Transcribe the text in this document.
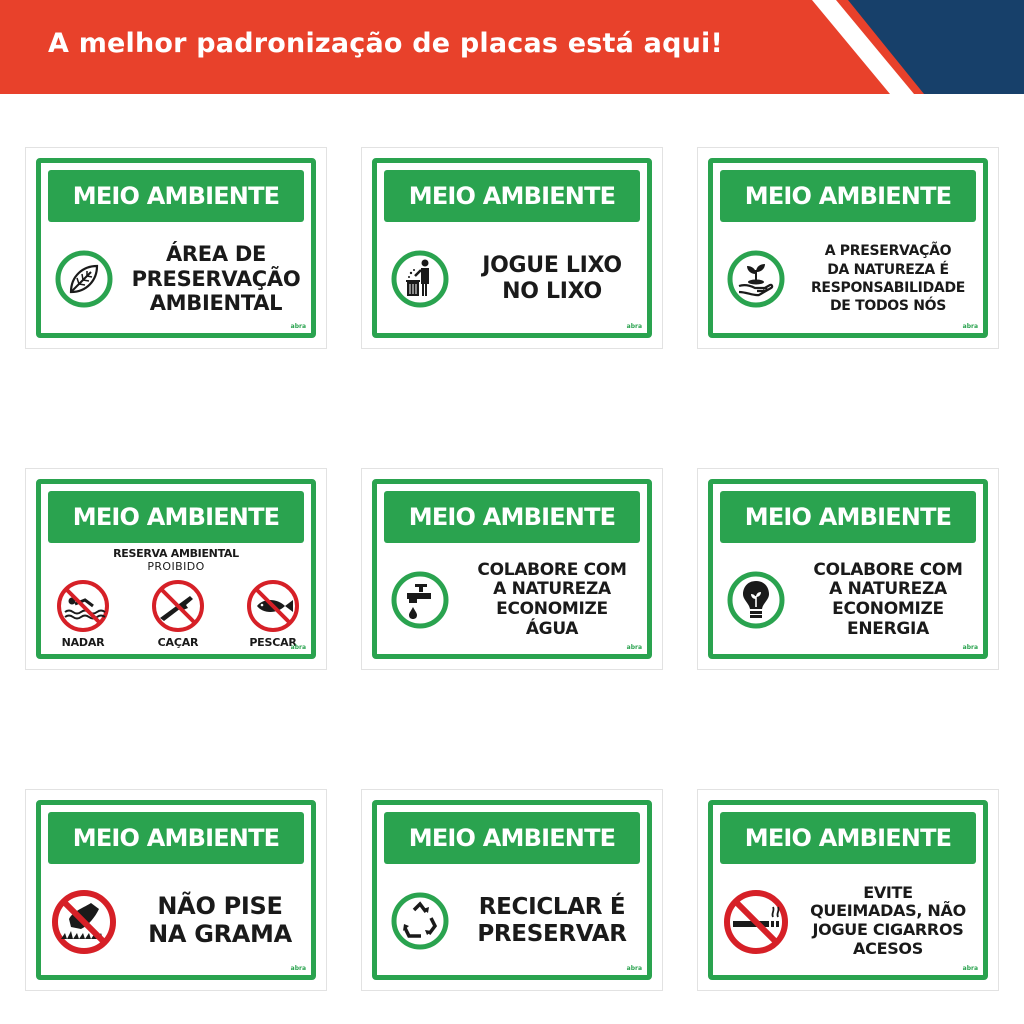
A melhor padronização de placas está aqui!
MEIO AMBIENTE
ÁREA DE
PRESERVAÇÃO
AMBIENTAL
abra
MEIO AMBIENTE
JOGUE LIXO
NO LIXO
abra
MEIO AMBIENTE
A PRESERVAÇÃO
DA NATUREZA É
RESPONSABILIDADE
DE TODOS NÓS
abra
MEIO AMBIENTE
RESERVA AMBIENTAL
PROIBIDO
NADAR	CAÇAR	PESCAR
abra
MEIO AMBIENTE
COLABORE COM
A NATUREZA
ECONOMIZE
ÁGUA
abra
MEIO AMBIENTE
COLABORE COM
A NATUREZA
ECONOMIZE
ENERGIA
abra
MEIO AMBIENTE
NÃO PISE
NA GRAMA
abra
MEIO AMBIENTE
RECICLAR É
PRESERVAR
abra
MEIO AMBIENTE
EVITE
QUEIMADAS, NÃO
JOGUE CIGARROS
ACESOS
abra
